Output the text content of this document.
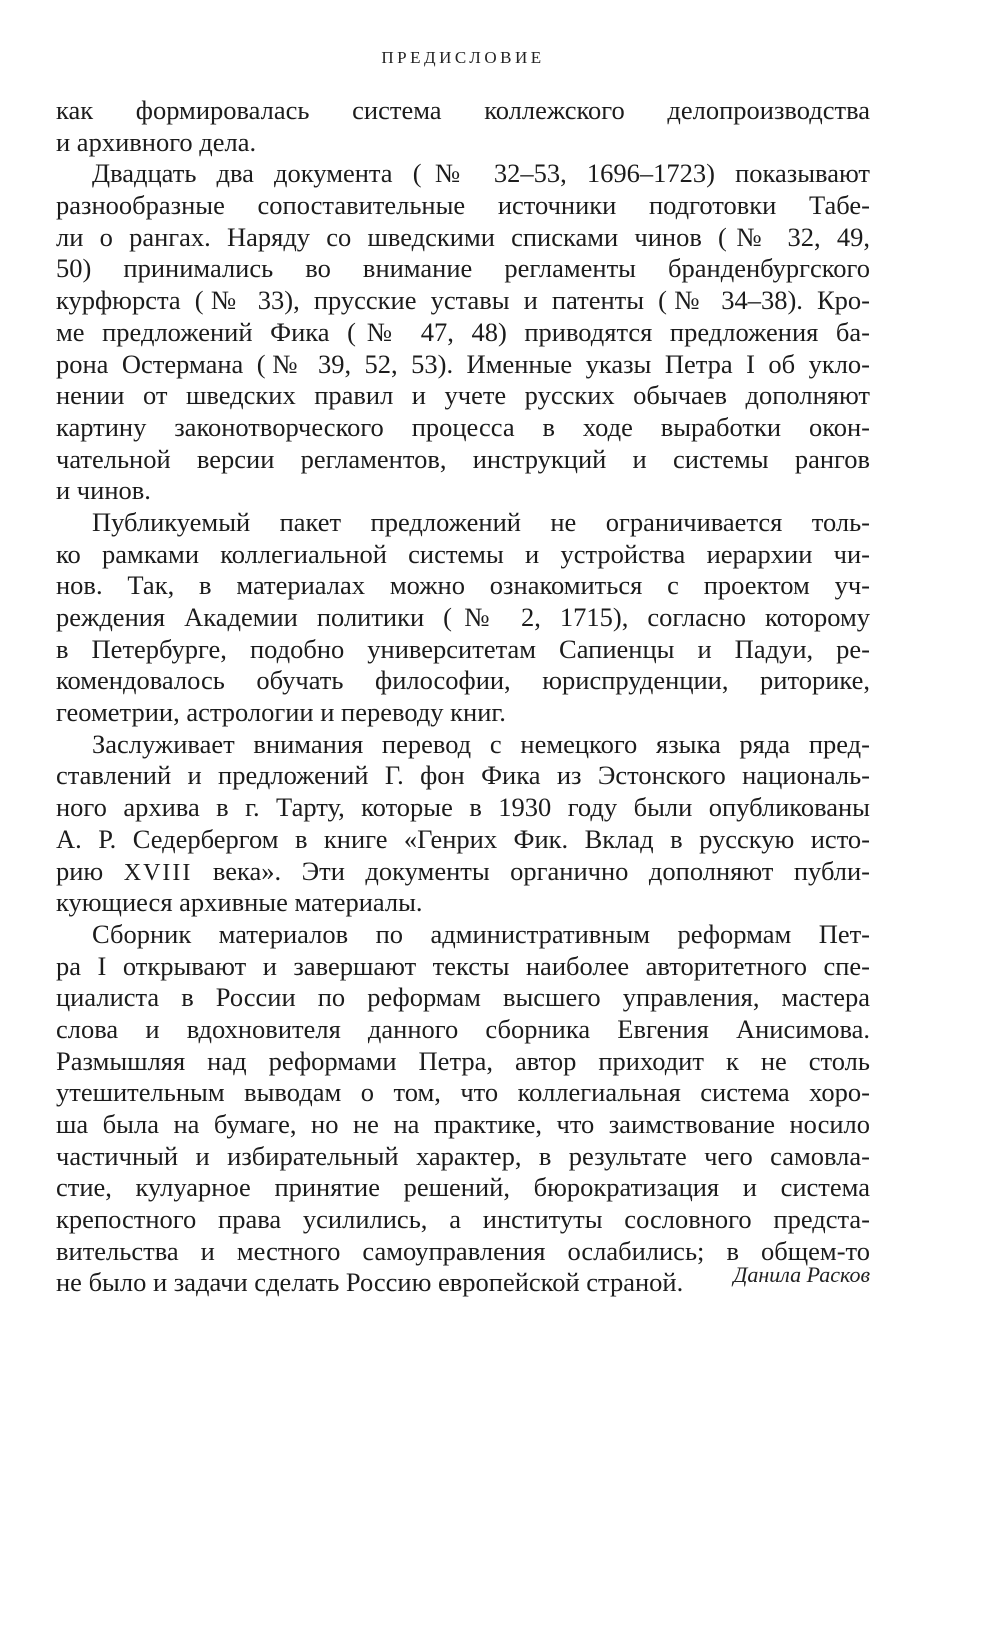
ПРЕДИСЛОВИЕ
как формировалась система коллежского делопроизводства
и архивного дела.
Двадцать два документа (№ 32–53, 1696–1723) показывают
разнообразные сопоставительные источники подготовки Табе-
ли о рангах. Наряду со шведскими списками чинов (№ 32, 49,
50) принимались во внимание регламенты бранденбургского
курфюрста (№ 33), прусские уставы и патенты (№ 34–38). Кро-
ме предложений Фика (№ 47, 48) приводятся предложения ба-
рона Остермана (№ 39, 52, 53). Именные указы Петра I об укло-
нении от шведских правил и учете русских обычаев дополняют
картину законотворческого процесса в ходе выработки окон-
чательной версии регламентов, инструкций и системы рангов
и чинов.
Публикуемый пакет предложений не ограничивается толь-
ко рамками коллегиальной системы и устройства иерархии чи-
нов. Так, в материалах можно ознакомиться с проектом уч-
реждения Академии политики (№ 2, 1715), согласно которому
в Петербурге, подобно университетам Сапиенцы и Падуи, ре-
комендовалось обучать философии, юриспруденции, риторике,
геометрии, астрологии и переводу книг.
Заслуживает внимания перевод с немецкого языка ряда пред-
ставлений и предложений Г. фон Фика из Эстонского националь-
ного архива в г. Тарту, которые в 1930 году были опубликованы
А. Р. Седербергом в книге «Генрих Фик. Вклад в русскую исто-
рию XVIII века». Эти документы органично дополняют публи-
кующиеся архивные материалы.
Сборник материалов по административным реформам Пет-
ра I открывают и завершают тексты наиболее авторитетного спе-
циалиста в России по реформам высшего управления, мастера
слова и вдохновителя данного сборника Евгения Анисимова.
Размышляя над реформами Петра, автор приходит к не столь
утешительным выводам о том, что коллегиальная система хоро-
ша была на бумаге, но не на практике, что заимствование носило
частичный и избирательный характер, в результате чего самовла-
стие, кулуарное принятие решений, бюрократизация и система
крепостного права усилились, а институты сословного предста-
вительства и местного самоуправления ослабились; в общем-то
не было и задачи сделать Россию европейской страной.	Данила Расков
